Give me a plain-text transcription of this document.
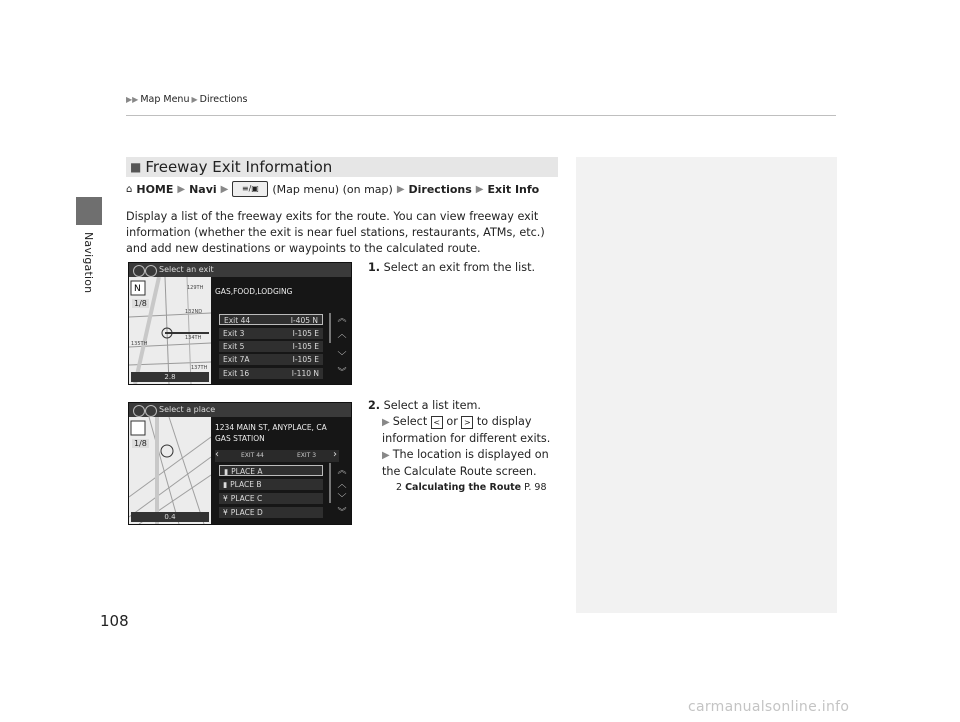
Navigation
▶▶ Map Menu ▶ Directions
■ Freeway Exit Information
⌂ HOME ▶ Navi ▶	≡/▣	(Map menu) (on map) ▶ Directions ▶ Exit Info
Display a list of the freeway exits for the route. You can view freeway exit information (whether the exit is near fuel stations, restaurants, ATMs, etc.) and add new destinations or waypoints to the calculated route.
Select an exit
N
1/8
129TH
132ND
134TH
135TH
137TH
2.8
GAS,FOOD,LODGING
Exit 44	I-405 N
Exit 3	I-105 E
Exit 5	I-105 E
Exit 7A	I-105 E
Exit 16	I-110 N
︽
︿
﹀
︾
1. Select an exit from the list.
Select a place
1/8
0.4
1234 MAIN ST, ANYPLACE, CA
GAS STATION
‹	EXIT 44	EXIT 3 ›
▮ PLACE A
▮ PLACE B
¥ PLACE C
¥ PLACE D
︽
︿
﹀
︾
2. Select a list item.
▶ Select < or > to display information for different exits.
▶ The location is displayed on the Calculate Route screen.
2 Calculating the Route P. 98
108
carmanualsonline.info
